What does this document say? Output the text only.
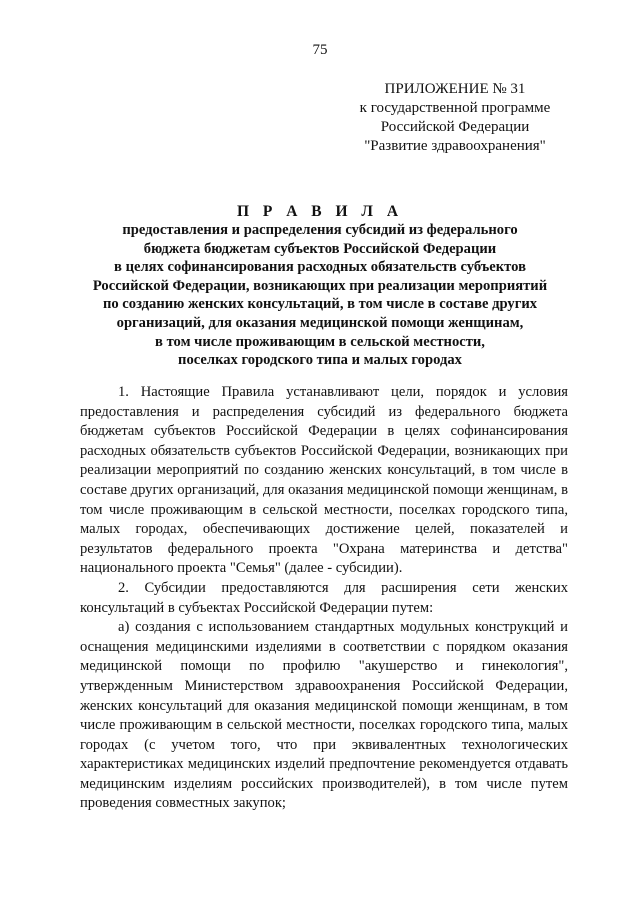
75
ПРИЛОЖЕНИЕ № 31
к государственной программе
Российской Федерации
"Развитие здравоохранения"
П Р А В И Л А
предоставления и распределения субсидий из федерального
бюджета бюджетам субъектов Российской Федерации
в целях софинансирования расходных обязательств субъектов
Российской Федерации, возникающих при реализации мероприятий
по созданию женских консультаций, в том числе в составе других
организаций, для оказания медицинской помощи женщинам,
в том числе проживающим в сельской местности,
поселках городского типа и малых городах

1. Настоящие Правила устанавливают цели, порядок и условия предоставления и распределения субсидий из федерального бюджета бюджетам субъектов Российской Федерации в целях софинансирования расходных обязательств субъектов Российской Федерации, возникающих при реализации мероприятий по созданию женских консультаций, в том числе в составе других организаций, для оказания медицинской помощи женщинам, в том числе проживающим в сельской местности, поселках городского типа, малых городах, обеспечивающих достижение целей, показателей и результатов федерального проекта "Охрана материнства и детства" национального проекта "Семья" (далее - субсидии).

2. Субсидии предоставляются для расширения сети женских консультаций в субъектах Российской Федерации путем:

а) создания с использованием стандартных модульных конструкций и оснащения медицинскими изделиями в соответствии с порядком оказания медицинской помощи по профилю "акушерство и гинекология", утвержденным Министерством здравоохранения Российской Федерации, женских консультаций для оказания медицинской помощи женщинам, в том числе проживающим в сельской местности, поселках городского типа, малых городах (с учетом того, что при эквивалентных технологических характеристиках медицинских изделий предпочтение рекомендуется отдавать медицинским изделиям российских производителей), в том числе путем проведения совместных закупок;
